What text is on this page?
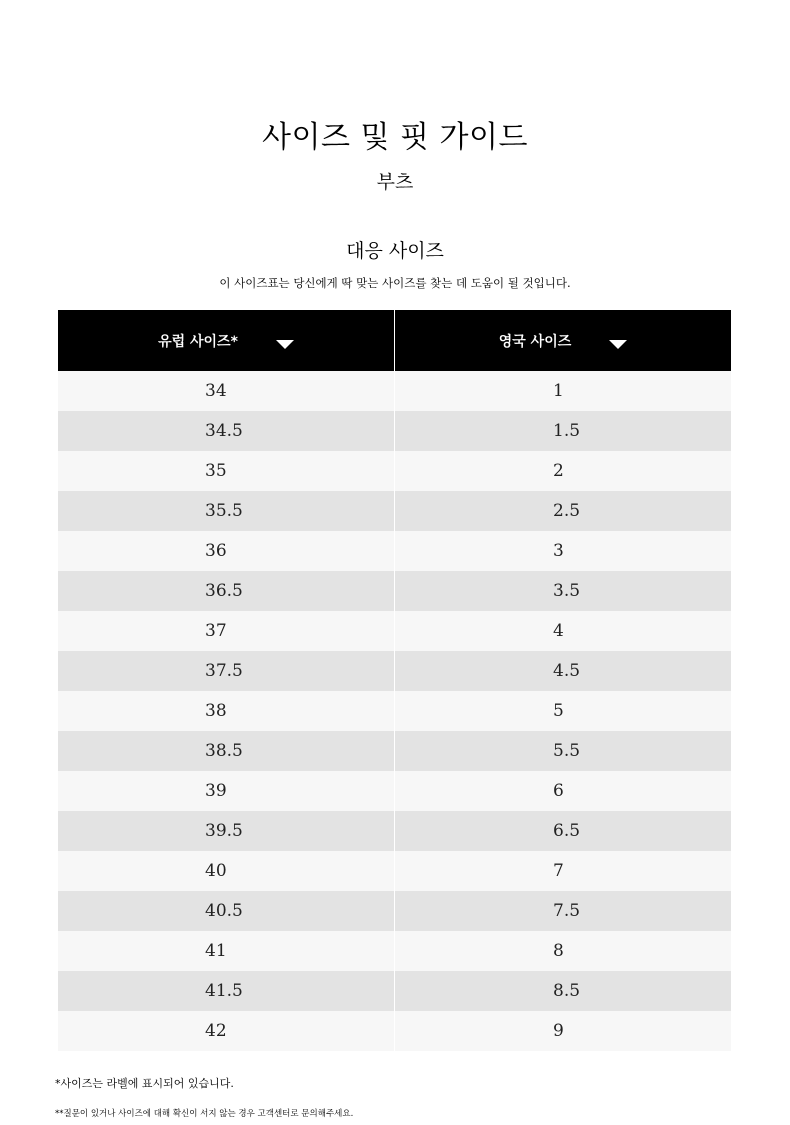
사이즈 및 핏 가이드
부츠
대응 사이즈
이 사이즈표는 당신에게 딱 맞는 사이즈를 찾는 데 도움이 될 것입니다.
유럽 사이즈*	영국 사이즈
34	1
34.5	1.5
35	2
35.5	2.5
36	3
36.5	3.5
37	4
37.5	4.5
38	5
38.5	5.5
39	6
39.5	6.5
40	7
40.5	7.5
41	8
41.5	8.5
42	9
*사이즈는 라벨에 표시되어 있습니다.
**질문이 있거나 사이즈에 대해 확신이 서지 않는 경우 고객센터로 문의해주세요.
